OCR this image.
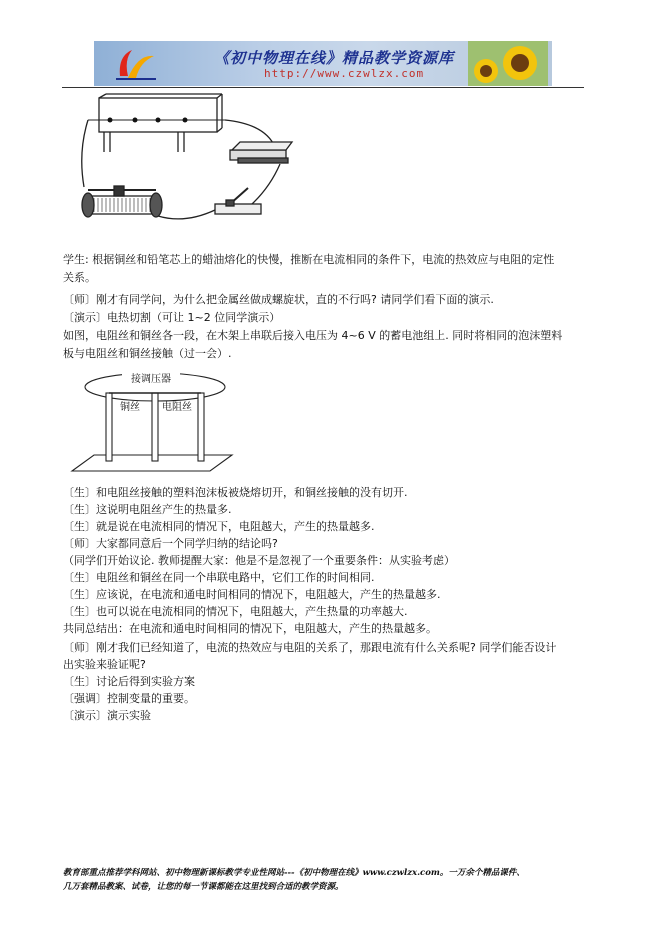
《初中物理在线》精品教学资源库
http://www.czwlzx.com
学生: 根据铜丝和铅笔芯上的蜡油熔化的快慢，推断在电流相同的条件下，电流的热效应与电阻的定性
关系。
〔师〕刚才有同学问，为什么把金属丝做成螺旋状，直的不行吗? 请同学们看下面的演示.
〔演示〕电热切割（可让 1~2 位同学演示）
如图，电阻丝和铜丝各一段，在木架上串联后接入电压为 4~6 V 的蓄电池组上. 同时将相同的泡沫塑料
板与电阻丝和铜丝接触（过一会）.
接调压器
铜丝 电阻丝
〔生〕和电阻丝接触的塑料泡沫板被烧熔切开，和铜丝接触的没有切开.
〔生〕这说明电阻丝产生的热量多.
〔生〕就是说在电流相同的情况下，电阻越大，产生的热量越多.
〔师〕大家都同意后一个同学归纳的结论吗?
（同学们开始议论. 教师提醒大家：他是不是忽视了一个重要条件：从实验考虑）
〔生〕电阻丝和铜丝在同一个串联电路中，它们工作的时间相同.
〔生〕应该说，在电流和通电时间相同的情况下，电阻越大，产生的热量越多.
〔生〕也可以说在电流相同的情况下，电阻越大，产生热量的功率越大.
共同总结出：在电流和通电时间相同的情况下，电阻越大，产生的热量越多。
〔师〕刚才我们已经知道了，电流的热效应与电阻的关系了，那跟电流有什么关系呢? 同学们能否设计
出实验来验证呢?
〔生〕讨论后得到实验方案
〔强调〕控制变量的重要。
〔演示〕演示实验
教育部重点推荐学科网站、初中物理新课标教学专业性网站---《初中物理在线》www.czwlzx.com。一万余个精品课件、
几万套精品教案、试卷，让您的每一节课都能在这里找到合适的教学资源。
